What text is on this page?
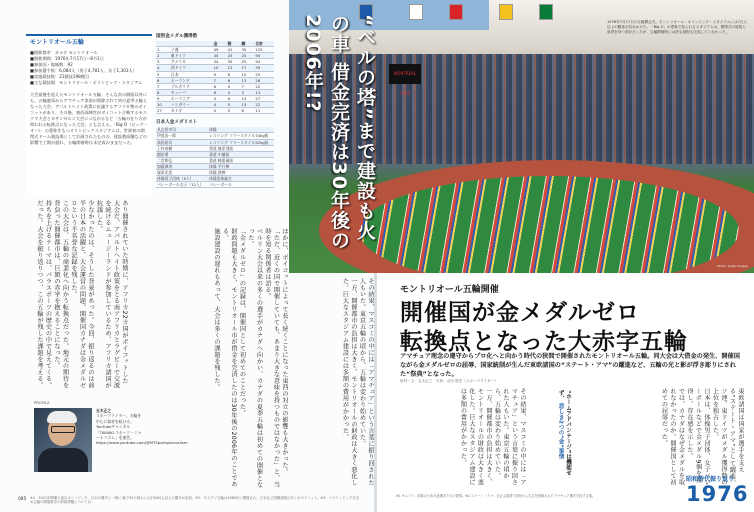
モントリオール五輪
■開催都市：カナダ モントリオール
■開催期間：1976年7月17日～8月1日
■参加国・地域数：92
■参加選手数：6,084人（男子4,781人、女子1,303人）
■実施競技数：21競技198種目
■主な競技場：モントリオール・オリンピック・スタジアム
大会最後を迎えたモントリオール五輪。そんな負の側面以外にも、五輪憲章からアマチュア条項が削除されて初の夏季五輪となった大会。アパルトヘイト政策に抗議するアフリカ勢のボイコットがあり、その後、東西両陣営がボイコット合戦するモスクワ大会とロサンゼルス大会につながるなど「五輪の在り方が問われる転換点になった大会」とも言える。「Big O（ビッグ・オー）」の愛称をもつオリンピックスタジアムは、世界初の開閉式ドーム競技場として計画されたものの、建設費高騰などの影響で工期が遅れ、五輪開催時は未完成のままだった。
国別金メダル獲得数
		金	銀	銅	合計
1	ソ連	49	41	35	125
2	東ドイツ	40	25	25	90
3	アメリカ	34	35	25	94
4	西ドイツ	10	12	17	39
5	日本	9	6	10	25
6	ポーランド	7	6	13	26
7	ブルガリア	6	9	7	22
8	キューバ	6	4	3	13
9	ルーマニア	4	9	14	27
10	ハンガリー	4	5	13	22
27	カナダ	0	5	6	11
日本人金メダリスト
具志堅幸司	体操
伊達治一郎	レスリング フリースタイル74kg級
高田裕司	レスリング フリースタイル52kg級
上村春樹	柔道 無差別級
園田勇	柔道 中量級
二宮和弘	柔道 軽重量級
加藤澤男	体操 平行棒
塚原光男	体操 鉄棒
体操男子団体（5人）	体操団体総合
バレーボール女子（12人）	バレーボール

あり開催されていた時期に、アフリカ22カ国がボイコットした大会だ。アパルトヘイト政策をとる南アフリカとラグビーで交流を続けるニュージーランドが参加しているため、アフリカ諸国が抗議した。

少なかったのは、そうした背景があった。今回、振り返るのは前半の日本の活躍と、大会運営の問題。開催国カナダは金メダルゼロという不名誉な記録を残した。

この大会は、五輪の商業化へ向かう転換点だった。地元の期待を背負った開催都市は、巨額の赤字を抱えることになった。

持ちを上げるテーマは、パラスポーツの歴史の中で見えてくる。

だった。大会を振り返りつつ、この五輪が残した課題を考える。	ほかに、ボイコットによって長く続くことになった東西の対立の影響も大きかった。

「ただ、近くの国で開催していても、あまり大きな意味を持つものではなかった」と、当時を知る関係者は語る。

ベルリン大会以来の多くの選手がカナダへ向かい、カナダの夏季五輪は初めての開催となった。

「金メダルゼロ」の記録は、開催国として初めてのことだった。

財政問題も大きく、モントリオール市が借金を完済したのは30年後の2006年のことである。

施設建設の遅れもあって、大会は多くの課題を残した。	その結果、マスコミの中には「アマチュア」という言葉に振り回された人もいた。東京五輪の頃から、五輪は変わり始めていた。

一方、開催都市の負担は大きく、モントリオールの財政は大きく悪化した。巨大なスタジアム建設には多額の費用がかかった。

PROFILE
五木正之
スポーツライター。五輪を中心に取材を続ける。YouTubeチャンネル「TAMAKI スポーツ・ジャーナリズム」を運営。https://www.youtube.com/@MTSportsJournalism
085 ※1：2021年開催の東京オリンピック、日本の選手と一緒に 晩で92の国から1万5000人以上の選手が参加。※2：モスクワ五輪は1980年に開催され、日本など西側諸国の多くがボイコット。※3：パラリンピックを含め五輪の開催都市の財政問題については
MONTREAL 1976
1976年7月17日の五輪開会式。モントリオール・オリンピック・スタジアムには7万人以上の観客が詰めかけた。「Big O」の愛称で知られるスタジアムは、開閉式の屋根と斜塔を持つ設計だったが、五輪開催時には塔も屋根も完成していなかった。
Photo: Getty Images
“ベルの塔”まで建設も火の車 借金完済は30年後の2006年!?
モントリオール五輪開催
開催国が金メダルゼロ
転換点となった大赤字五輪
アマチュア理念の遵守からプロ化へと向かう時代の狭間で開催されたモントリオール五輪。同大会は大借金の発生、開催国ながら金メダルゼロの屈辱、国家統制が生んだ東欧諸国の“ステート・アマ”の躍進など、五輪の光と影が浮き彫りにされた“祭典”となった。
取材・文：五木正之　写真：山田 敦史（スポーツライター）

東欧諸国は国家が選手を支える“ステート・アマ”として躍進。ソ連、東ドイツがメダル獲得数の上位を独占した。

日本は、体操男子団体、女子バレーボールなどで金メダル9個を獲得し、存在感を示した。

では、カナダはなぜ金メダルを取れなかったのか。開催国として初めての屈辱だった。

その結果、マスコミの中には「アマチュア」という言葉に振り回された人もいた。東京五輪の頃から、五輪は変わり始めていた。

一方、開催都市の負担は大きく、モントリオールの財政は大きく悪化した。巨大なスタジアム建設には多額の費用がかかった。	“ホームアドバンテージ”は機能せず、 悲しき2つの“金”事情
昭和時代振り返り
1976
※1 サムライ：昭和の日本代表選手たちの愛称。※2 ステート・アマ：社会主義国で国家から生活を保障されたアマチュア選手を指す言葉。
